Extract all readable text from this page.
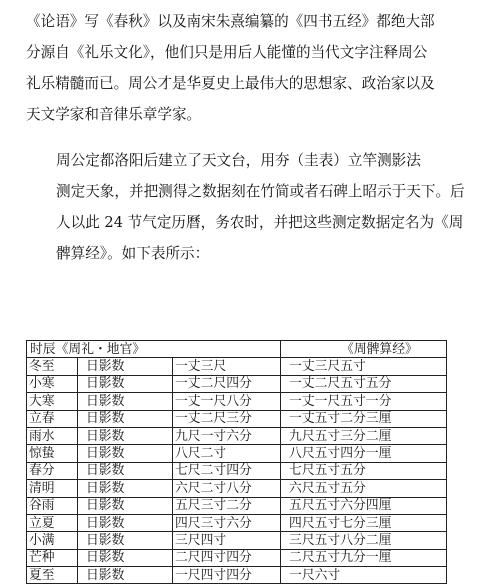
《论语》写《春秋》以及南宋朱熹编纂的《四书五经》都绝大部
分源自《礼乐文化》，他们只是用后人能懂的当代文字注释周公
礼乐精髓而已。周公才是华夏史上最伟大的思想家、政治家以及
天文学家和音律乐章学家。

周公定都洛阳后建立了天文台，用夯（圭表）立竿测影法
测定天象，并把测得之数据刻在竹简或者石碑上昭示于天下。后
人以此 24 节气定历曆，务农时，并把这些测定数据定名为《周
髀算经》。如下表所示：

时辰《周礼・地官》			《周髀算经》
冬至	日影数	一丈三尺	一丈三尺五寸
小寒	日影数	一丈二尺四分	一丈二尺五寸五分
大寒	日影数	一丈一尺八分	一丈一尺五寸一分
立春	日影数	一丈二尺三分	一丈五寸二分三厘
雨水	日影数	九尺一寸六分	九尺五寸三分二厘
惊蛰	日影数	八尺二寸	八尺五寸四分一厘
春分	日影数	七尺二寸四分	七尺五寸五分
清明	日影数	六尺二寸八分	六尺五寸五分
谷雨	日影数	五尺三寸二分	五尺五寸六分四厘
立夏	日影数	四尺三寸六分	四尺五寸七分三厘
小满	日影数	三尺四寸	三尺五寸八分二厘
芒种	日影数	二尺四寸四分	二尺五寸九分一厘
夏至	日影数	一尺四寸四分	一尺六寸
